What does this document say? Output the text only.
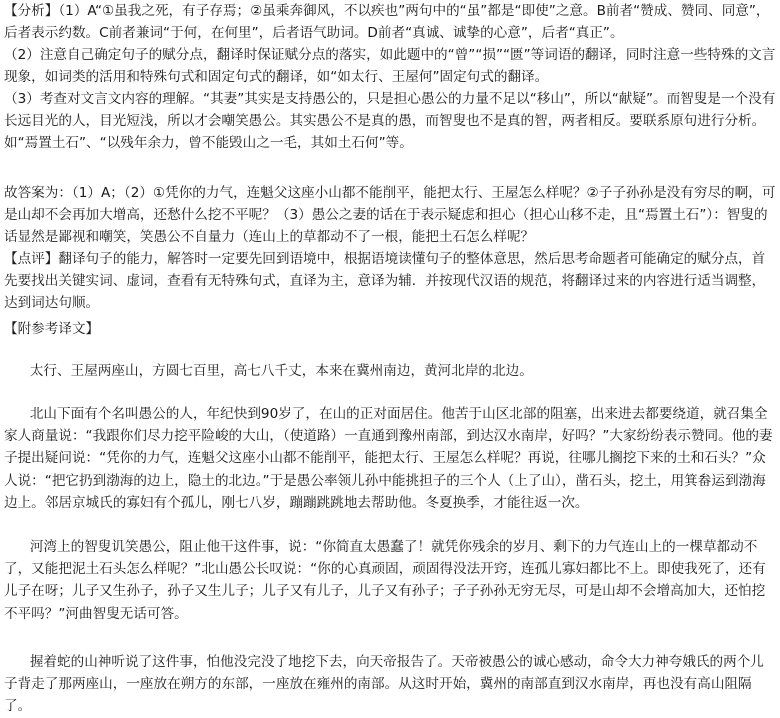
【分析】（1）A“①虽我之死，有子存焉；②虽乘奔御风，不以疾也”两句中的“虽”都是“即使”之意。B前者“赞成、赞同、同意”，后者表示约数。C前者兼词“于何，在何里”，后者语气助词。D前者“真诚、诚挚的心意”，后者“真正”。

（2）注意自己确定句子的赋分点，翻译时保证赋分点的落实，如此题中的“曾”“损”“匮”等词语的翻译，同时注意一些特殊的文言现象，如词类的活用和特殊句式和固定句式的翻译，如“如太行、王屋何”固定句式的翻译。

（3）考查对文言文内容的理解。“其妻”其实是支持愚公的，只是担心愚公的力量不足以“移山”，所以“献疑”。而智叟是一个没有长远目光的人，目光短浅，所以才会嘲笑愚公。其实愚公不是真的愚，而智叟也不是真的智，两者相反。要联系原句进行分析。如“焉置土石”、“以残年余力，曾不能毁山之一毛，其如土石何”等。

故答案为：（1）A；（2）①凭你的力气，连魁父这座小山都不能削平，能把太行、王屋怎么样呢？②子子孙孙是没有穷尽的啊，可是山却不会再加大增高，还愁什么挖不平呢？（3）愚公之妻的话在于表示疑虑和担心（担心山移不走，且“焉置土石”）：智叟的话显然是鄙视和嘲笑，笑愚公不自量力（连山上的草都动不了一根，能把土石怎么样呢？

【点评】翻译句子的能力，解答时一定要先回到语境中，根据语境读懂句子的整体意思，然后思考命题者可能确定的赋分点，首先要找出关键实词、虚词，查看有无特殊句式，直译为主，意译为辅．并按现代汉语的规范，将翻译过来的内容进行适当调整，达到词达句顺。

【附参考译文】

太行、王屋两座山，方圆七百里，高七八千丈，本来在冀州南边，黄河北岸的北边。

北山下面有个名叫愚公的人，年纪快到90岁了，在山的正对面居住。他苦于山区北部的阻塞，出来进去都要绕道，就召集全家人商量说：“我跟你们尽力挖平险峻的大山，（使道路）一直通到豫州南部，到达汉水南岸，好吗？”大家纷纷表示赞同。他的妻子提出疑问说：“凭你的力气，连魁父这座小山都不能削平，能把太行、王屋怎么样呢？再说，往哪儿搁挖下来的土和石头？”众人说：“把它扔到渤海的边上，隐土的北边。”于是愚公率领儿孙中能挑担子的三个人（上了山），凿石头，挖土，用箕畚运到渤海边上。邻居京城氏的寡妇有个孤儿，刚七八岁，蹦蹦跳跳地去帮助他。冬夏换季，才能往返一次。

河湾上的智叟讥笑愚公，阻止他干这件事，说：“你简直太愚蠢了！就凭你残余的岁月、剩下的力气连山上的一棵草都动不了，又能把泥土石头怎么样呢？”北山愚公长叹说：“你的心真顽固，顽固得没法开窍，连孤儿寡妇都比不上。即使我死了，还有儿子在呀；儿子又生孙子，孙子又生儿子；儿子又有儿子，儿子又有孙子；子子孙孙无穷无尽，可是山却不会增高加大，还怕挖不平吗？”河曲智叟无话可答。

握着蛇的山神听说了这件事，怕他没完没了地挖下去，向天帝报告了。天帝被愚公的诚心感动，命令大力神夸娥氏的两个儿子背走了那两座山，一座放在朔方的东部，一座放在雍州的南部。从这时开始，冀州的南部直到汉水南岸，再也没有高山阻隔了。
